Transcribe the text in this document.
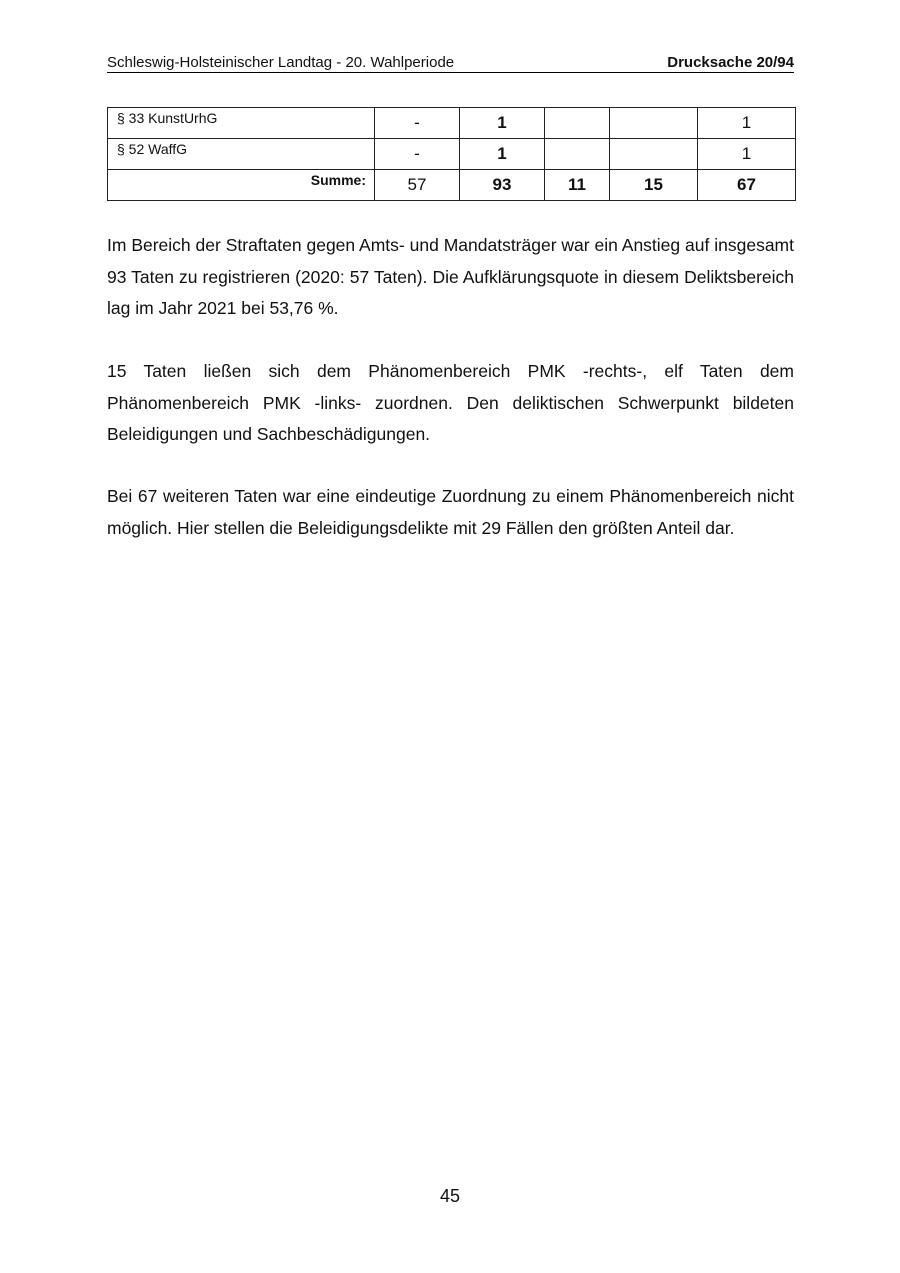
Schleswig-Holsteinischer Landtag - 20. Wahlperiode	Drucksache 20/94
§ 33 KunstUrhG	-	1			1
§ 52 WaffG	-	1			1
Summe:	57	93	11	15	67

Im Bereich der Straftaten gegen Amts- und Mandatsträger war ein Anstieg auf insgesamt 93 Taten zu registrieren (2020: 57 Taten). Die Aufklärungsquote in diesem Deliktsbereich lag im Jahr 2021 bei 53,76 %.

15 Taten ließen sich dem Phänomenbereich PMK -rechts-, elf Taten dem Phänomenbereich PMK -links- zuordnen. Den deliktischen Schwerpunkt bildeten Beleidigungen und Sachbeschädigungen.

Bei 67 weiteren Taten war eine eindeutige Zuordnung zu einem Phänomenbereich nicht möglich. Hier stellen die Beleidigungsdelikte mit 29 Fällen den größten Anteil dar.

45
